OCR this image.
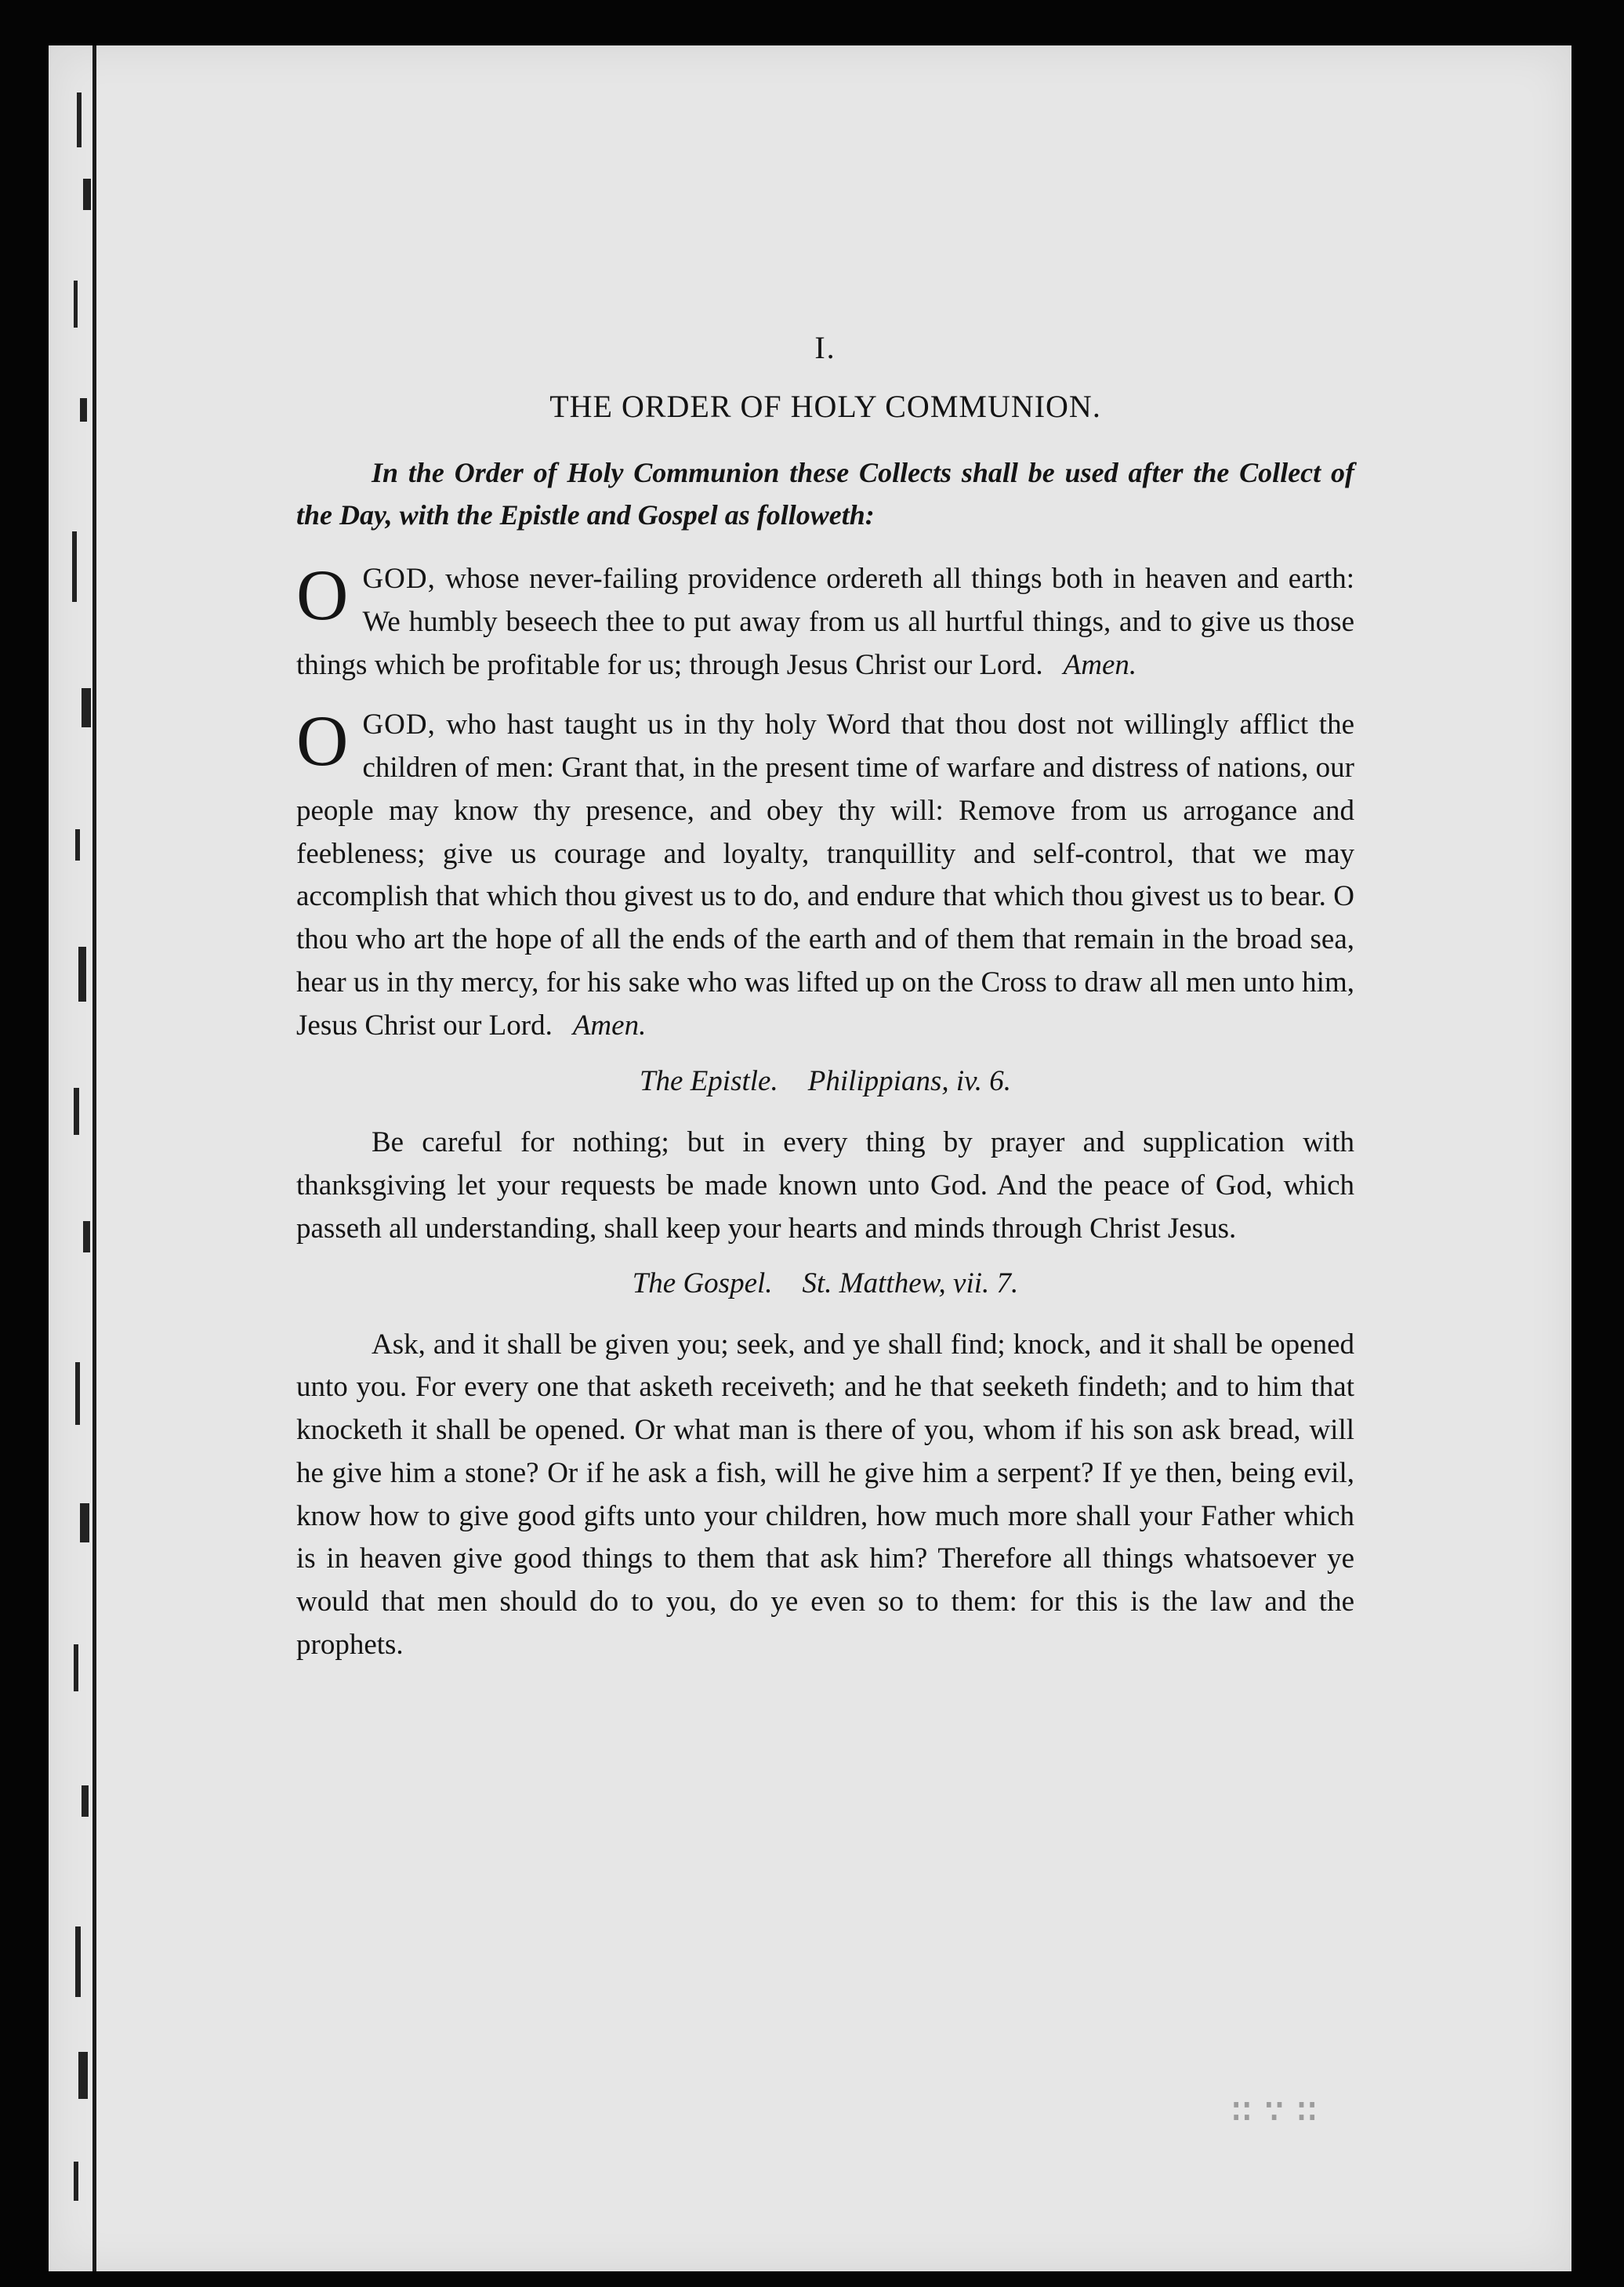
I.
THE ORDER OF HOLY COMMUNION.

In the Order of Holy Communion these Collects shall be used after the Collect of the Day, with the Epistle and Gospel as followeth:

OGOD, whose never-failing providence ordereth all things both in heaven and earth: We humbly beseech thee to put away from us all hurtful things, and to give us those things which be profitable for us; through Jesus Christ our Lord. Amen.

OGOD, who hast taught us in thy holy Word that thou dost not willingly afflict the children of men: Grant that, in the present time of warfare and distress of nations, our people may know thy presence, and obey thy will: Remove from us arrogance and feebleness; give us courage and loyalty, tranquillity and self-control, that we may accomplish that which thou givest us to do, and endure that which thou givest us to bear. O thou who art the hope of all the ends of the earth and of them that remain in the broad sea, hear us in thy mercy, for his sake who was lifted up on the Cross to draw all men unto him, Jesus Christ our Lord. Amen.

The Epistle. Philippians, iv. 6.

Be careful for nothing; but in every thing by prayer and supplication with thanksgiving let your requests be made known unto God. And the peace of God, which passeth all understanding, shall keep your hearts and minds through Christ Jesus.

The Gospel. St. Matthew, vii. 7.

Ask, and it shall be given you; seek, and ye shall find; knock, and it shall be opened unto you. For every one that asketh receiveth; and he that seeketh findeth; and to him that knocketh it shall be opened. Or what man is there of you, whom if his son ask bread, will he give him a stone? Or if he ask a fish, will he give him a serpent? If ye then, being evil, know how to give good gifts unto your children, how much more shall your Father which is in heaven give good things to them that ask him? Therefore all things whatsoever ye would that men should do to you, do ye even so to them: for this is the law and the prophets.

∷∵∷
